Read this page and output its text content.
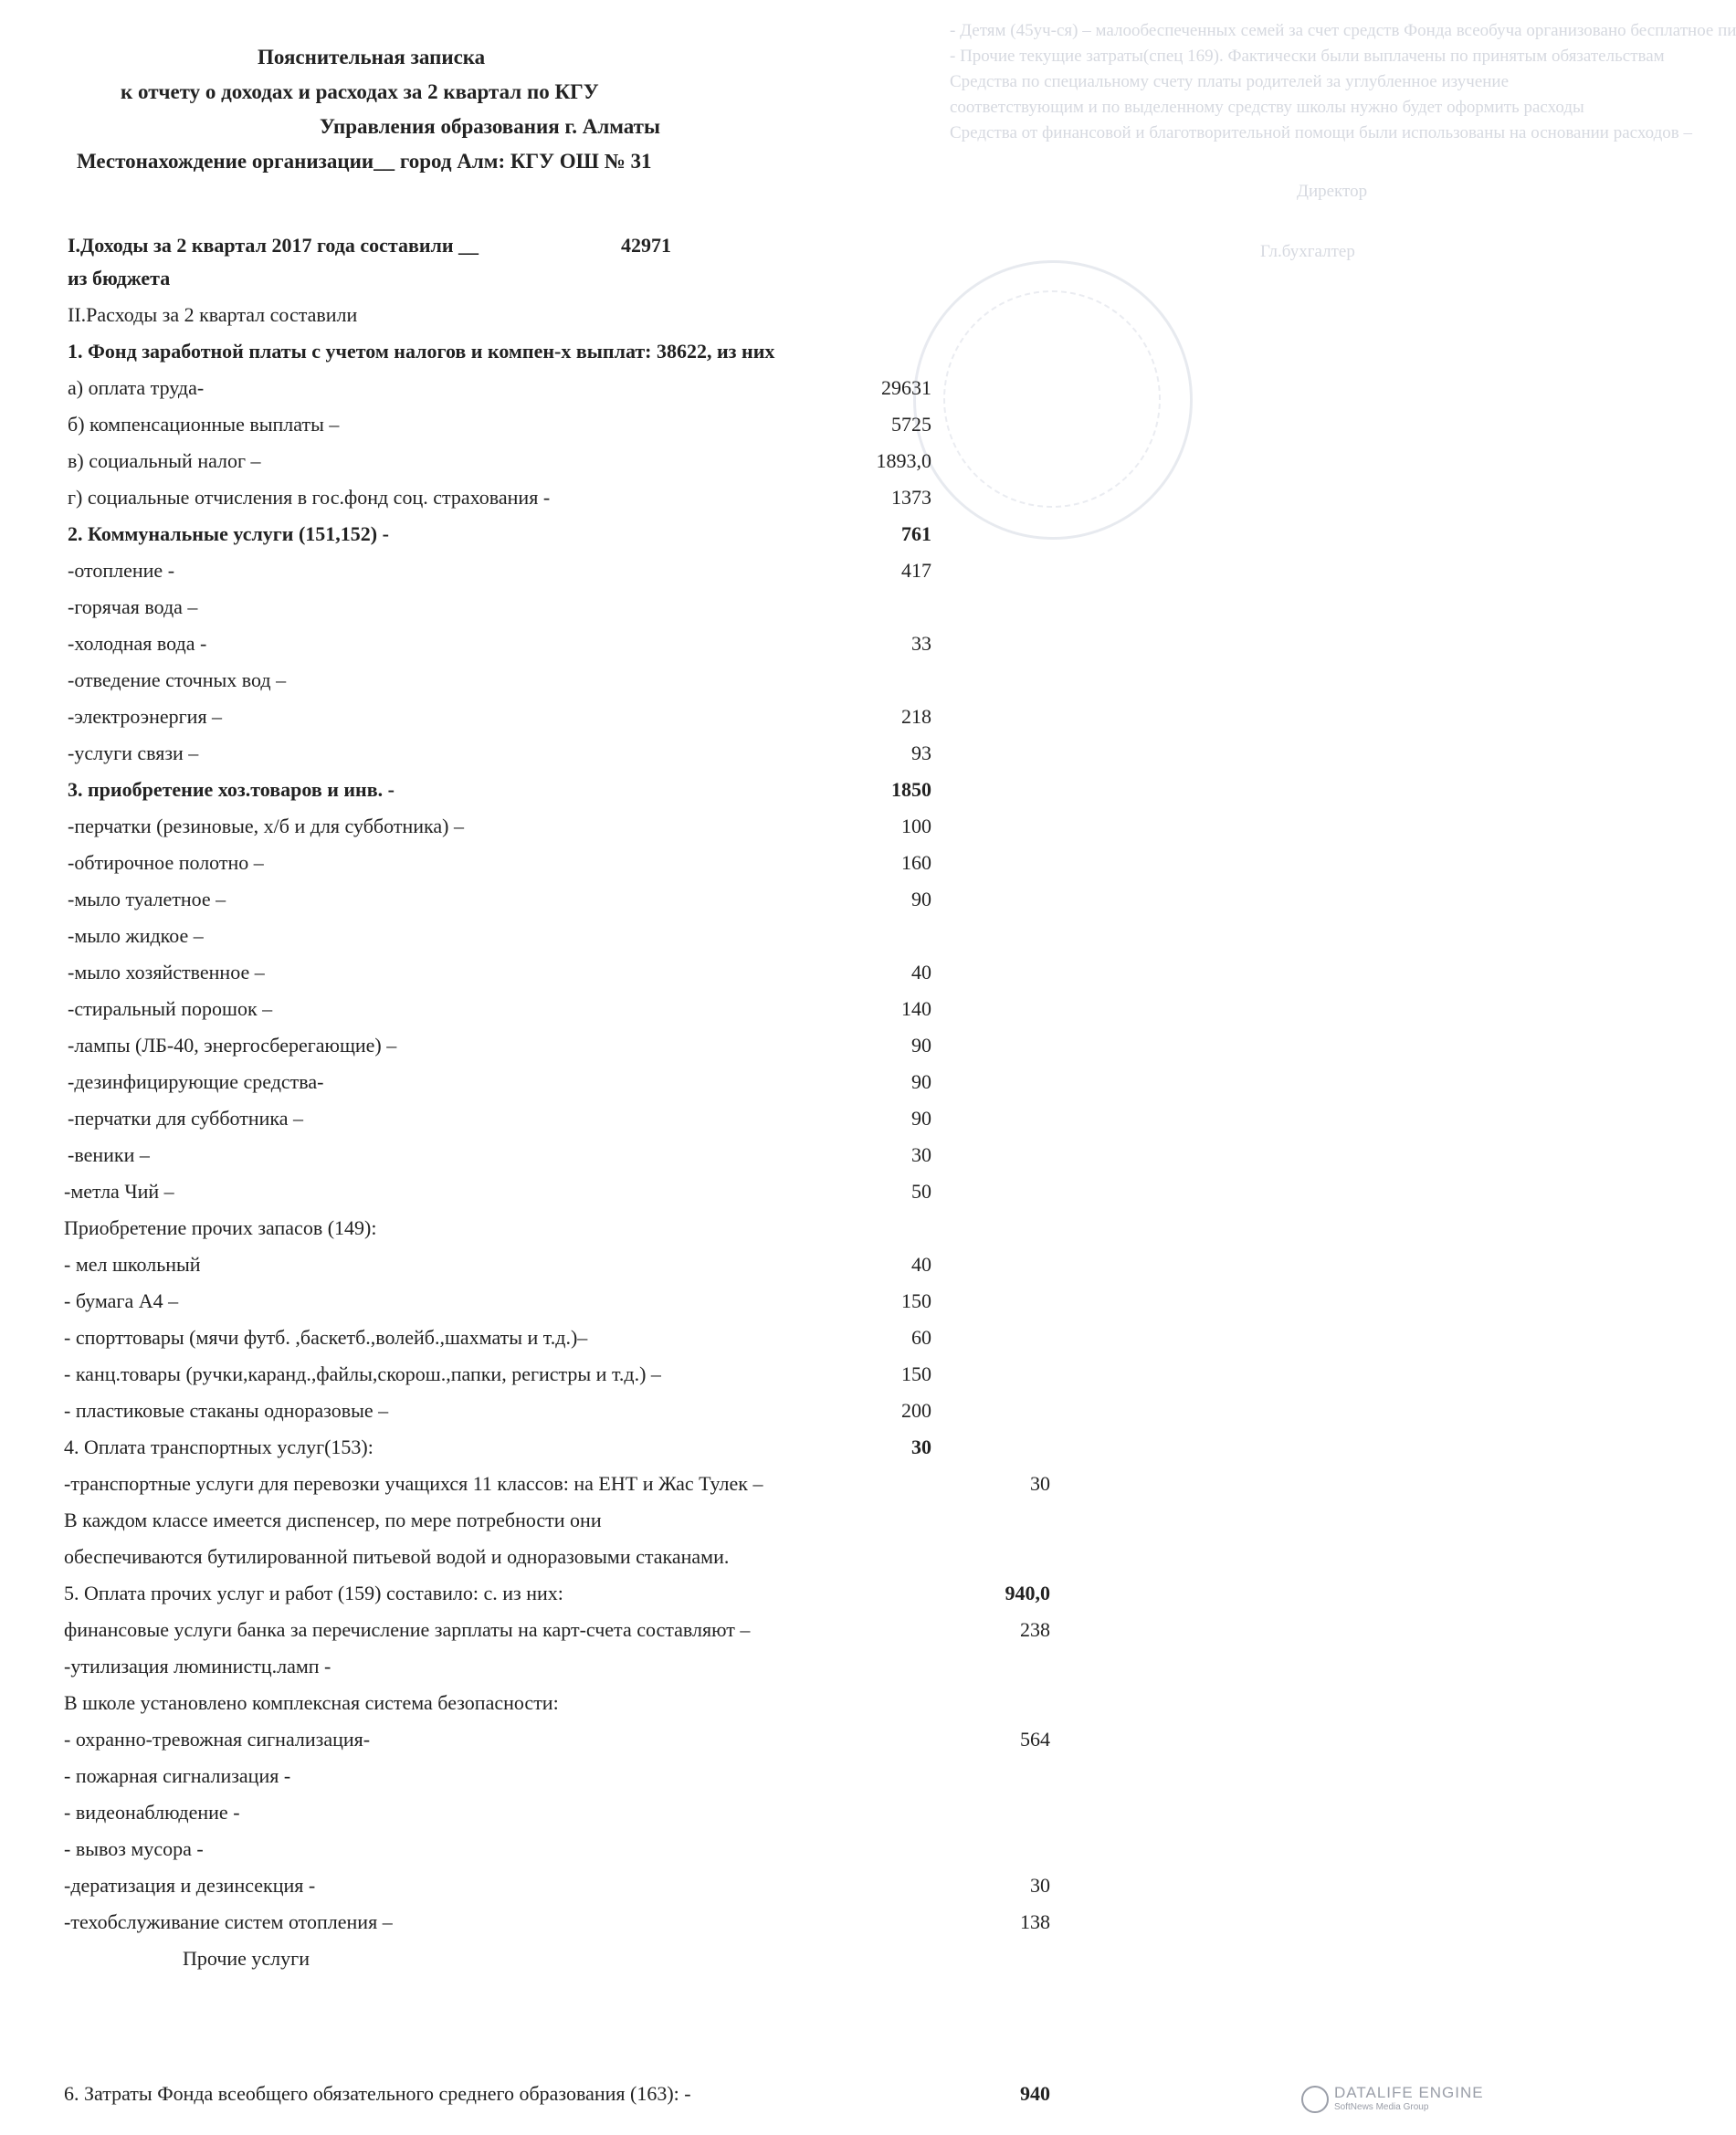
- Детям (45уч-ся) – малообеспеченных семей за счет средств Фонда всеобуча организовано бесплатное пи
- Прочие текущие затраты(спец 169). Фактически были выплачены по принятым обязательствам
Средства по специальному счету платы родителей за углубленное изучение
соответствующим и по выделенному средству школы нужно будет оформить расходы
Средства от финансовой и благотворительной помощи были использованы на основании расходов –
Директор
Гл.бухгалтер
Пояснительная записка
к отчету о доходах и расходах за 2 квартал по КГУ
Управления образования г. Алматы
Местонахождение организации__ город Алм: КГУ ОШ № 31
I.Доходы за 2 квартал 2017 года составили __	42971
из бюджета
II.Расходы за 2 квартал составили
1. Фонд заработной платы с учетом налогов и компен-х выплат: 38622, из них
а) оплата труда-	29631
б) компенсационные выплаты –	5725
в) социальный налог –	1893,0
г) социальные отчисления в гос.фонд соц. страхования -	1373
2. Коммунальные услуги (151,152) -	761
-отопление -	417
-горячая вода –
-холодная вода -	33
-отведение сточных вод –
-электроэнергия –	218
-услуги связи –	93
3. приобретение хоз.товаров и инв. -	1850
-перчатки (резиновые, х/б и для субботника) –	100
-обтирочное полотно –	160
-мыло туалетное –	90
-мыло жидкое –
-мыло хозяйственное –	40
-стиральный порошок –	140
-лампы (ЛБ-40, энергосберегающие) –	90
-дезинфицирующие средства-	90
-перчатки для субботника –	90
-веники –	30
-метла Чий –	50
Приобретение прочих запасов (149):
- мел школьный	40
- бумага А4 –	150
- спорттовары (мячи футб. ,баскетб.,волейб.,шахматы и т.д.)–	60
- канц.товары (ручки,каранд.,файлы,скорош.,папки, регистры и т.д.) –	150
- пластиковые стаканы одноразовые –	200
4. Оплата транспортных услуг(153):	30
-транспортные услуги для перевозки учащихся 11 классов: на ЕНТ и Жас Тулек –	30
В каждом классе имеется диспенсер, по мере потребности они
обеспечиваются бутилированной питьевой водой и одноразовыми стаканами.
5. Оплата прочих услуг и работ (159) составило: с. из них:	940,0
финансовые услуги банка за перечисление зарплаты на карт-счета составляют –	238
-утилизация люминистц.ламп -
В школе установлено комплексная система безопасности:
- охранно-тревожная сигнализация-	564
- пожарная сигнализация -
- видеонаблюдение -
- вывоз мусора -
-дератизация и дезинсекция -	30
-техобслуживание систем отопления –	138
Прочие услуги
6. Затраты Фонда всеобщего обязательного среднего образования (163): -	940	DATALIFE ENGINE
SoftNews Media Group
